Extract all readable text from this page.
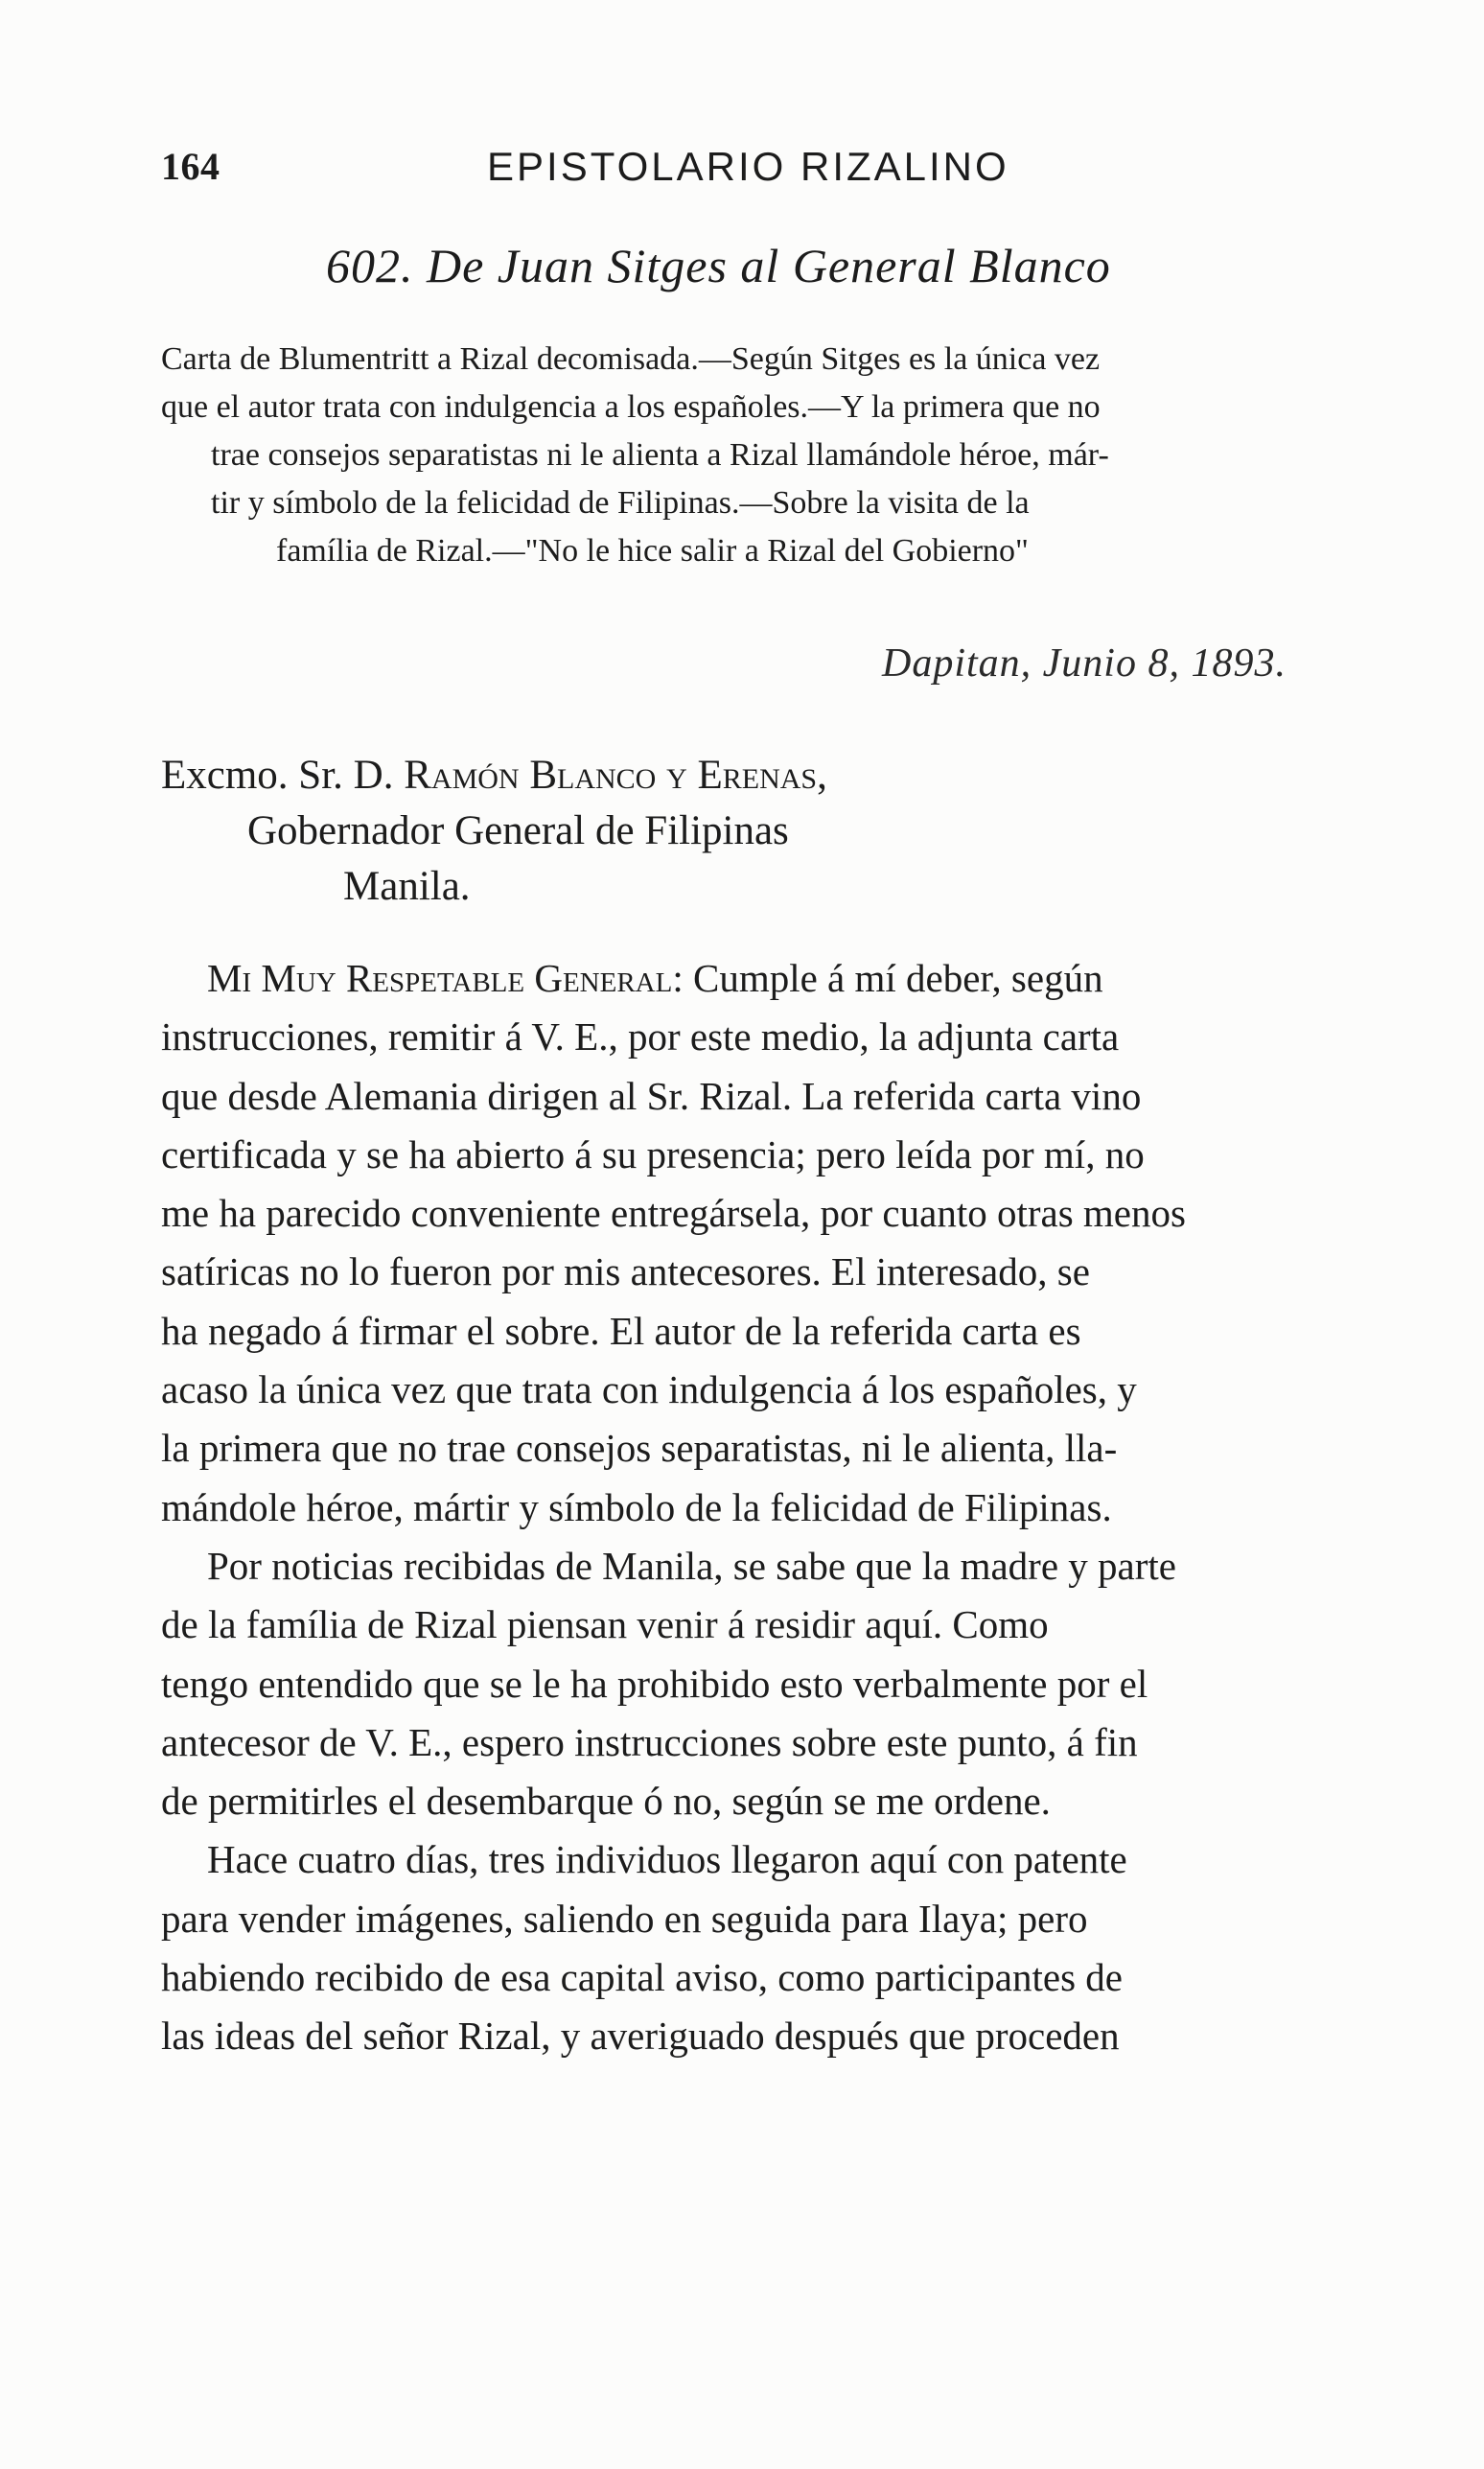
164	EPISTOLARIO RIZALINO
602. De Juan Sitges al General Blanco
Carta de Blumentritt a Rizal decomisada.—Según Sitges es la única vez
que el autor trata con indulgencia a los españoles.—Y la primera que no
trae consejos separatistas ni le alienta a Rizal llamándole héroe, már-
tir y símbolo de la felicidad de Filipinas.—Sobre la visita de la
família de Rizal.—"No le hice salir a Rizal del Gobierno"
Dapitan, Junio 8, 1893.
Excmo. Sr. D. Ramón Blanco y Erenas,
Gobernador General de Filipinas
Manila.
Mi Muy Respetable General: Cumple á mí deber, según
instrucciones, remitir á V. E., por este medio, la adjunta carta
que desde Alemania dirigen al Sr. Rizal. La referida carta vino
certificada y se ha abierto á su presencia; pero leída por mí, no
me ha parecido conveniente entregársela, por cuanto otras menos
satíricas no lo fueron por mis antecesores. El interesado, se
ha negado á firmar el sobre. El autor de la referida carta es
acaso la única vez que trata con indulgencia á los españoles, y
la primera que no trae consejos separatistas, ni le alienta, lla-
mándole héroe, mártir y símbolo de la felicidad de Filipinas.
Por noticias recibidas de Manila, se sabe que la madre y parte
de la família de Rizal piensan venir á residir aquí. Como
tengo entendido que se le ha prohibido esto verbalmente por el
antecesor de V. E., espero instrucciones sobre este punto, á fin
de permitirles el desembarque ó no, según se me ordene.
Hace cuatro días, tres individuos llegaron aquí con patente
para vender imágenes, saliendo en seguida para Ilaya; pero
habiendo recibido de esa capital aviso, como participantes de
las ideas del señor Rizal, y averiguado después que proceden
